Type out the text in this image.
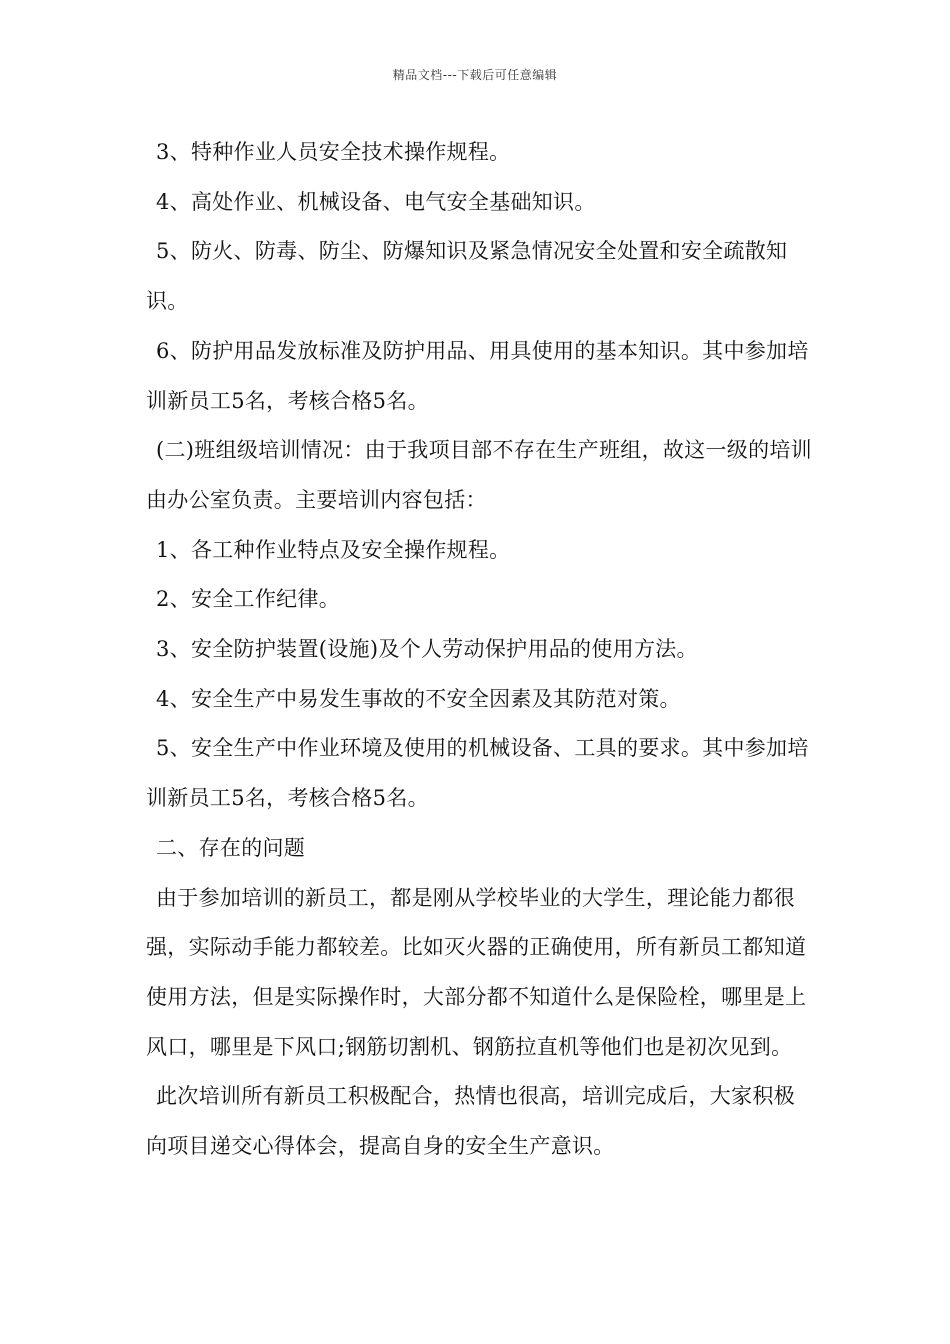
精品文档---下载后可任意编辑

3、特种作业人员安全技术操作规程。

4、高处作业、机械设备、电气安全基础知识。

5、防火、防毒、防尘、防爆知识及紧急情况安全处置和安全疏散知识。

6、防护用品发放标准及防护用品、用具使用的基本知识。其中参加培训新员工5名，考核合格5名。

(二)班组级培训情况：由于我项目部不存在生产班组，故这一级的培训由办公室负责。主要培训内容包括：

1、各工种作业特点及安全操作规程。

2、安全工作纪律。

3、安全防护装置(设施)及个人劳动保护用品的使用方法。

4、安全生产中易发生事故的不安全因素及其防范对策。

5、安全生产中作业环境及使用的机械设备、工具的要求。其中参加培训新员工5名，考核合格5名。

二、存在的问题

由于参加培训的新员工，都是刚从学校毕业的大学生，理论能力都很强，实际动手能力都较差。比如灭火器的正确使用，所有新员工都知道使用方法，但是实际操作时，大部分都不知道什么是保险栓，哪里是上风口，哪里是下风口;钢筋切割机、钢筋拉直机等他们也是初次见到。

此次培训所有新员工积极配合，热情也很高，培训完成后，大家积极向项目递交心得体会，提高自身的安全生产意识。
